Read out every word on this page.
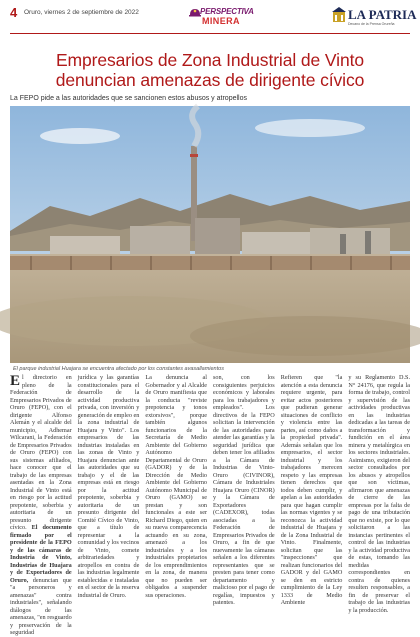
4 Oruro, viernes 2 de septiembre de 2022	PERSPECTIVA
MINERA	LA PATRIA
Decano de la Prensa Orureña
Empresarios de Zona Industrial de Vinto
denuncian amenazas de dirigente cívico
La FEPO pide a las autoridades que se sancionen estos abusos y atropellos
El parque industrial Huajara se encuentra afectado por los constantes avasallamientos
El directorio en pleno de la Federación de Empresarios Privados de Oruro (FEPO), con el dirigente Alfonso Alemán y el alcalde del municipio, Adhemar Wilcarani, la Federación de Empresarios Privados de Oruro (FEPO) con sus sistemas afiliados, hace conocer que el trabajo de las empresas asentadas en la Zona Industrial de Vinto está en riesgo por la actitud prepotente, soberbia y autoritaria de un presunto dirigente cívico. El documento firmado por el presidente de la FEPO y de las cámaras de Industria de Vinto, Industrias de Huajara y de Exportadores de Oruro, denuncian que "a personeros y amenazas" contra industriales", señalando diálogos de las amenazas, "en resguardo y preservación de la seguridad
jurídica y las garantías constitucionales para el desarrollo de la actividad productiva privada, con inversión y generación de empleo en la zona industrial de Huajara y Vinto". Los empresarios de las industrias instaladas en las zonas de Vinto y Huajara denuncian ante las autoridades que su trabajo y el de las empresas está en riesgo por la actitud prepotente, soberbia y autoritaria de un presunto dirigente del Comité Cívico de Vinto, que a título de representar a la comunidad y los vecinos de Vinto, comete arbitrariedades y atropellos en contra de las industrias legalmente establecidas e instaladas en el sector de la reserva industrial de Oruro.
La denuncia al Gobernador y al Alcalde de Oruro manifiesta que la conducta "reviste prepotencia y tonos extorsivos", porque también algunos funcionarios de la Secretaría de Medio Ambiente del Gobierno Autónomo Departamental de Oruro (GADOR) y de la Dirección de Medio Ambiente del Gobierno Autónomo Municipal de Oruro (GAMO) se prestan y son funcionales a este ser Richard Diego, quien en su nueva comparecencia actuando en su zona, amenazó a los industriales y a los industriales propietarios de los emprendimientos en la zona, de manera que no pueden ser obligados a suspender sus operaciones.
son, con los consiguientes perjuicios económicos y laborales para los trabajadores y empleados". Los directivos de la FEPO solicitan la intervención de las autoridades para atender las garantías y la seguridad jurídica que deben tener los afiliados a la Cámara de Industrias de Vinto-Oruro (CIVINOR), Cámara de Industriales Huajara Oruro (CINOR) y la Cámara de Exportadores (CADEXOR), todas asociadas a la Federación de Empresarios Privados de Oruro, a fin de que nuevamente las cámaras señalen a los diferentes representantes que se presten para tener como departamento y malicioso por el pago de regalías, impuestos y patentes.
Refieren que "la atención a esta denuncia requiere urgente, para evitar actos posteriores que pudieran generar situaciones de conflicto y violencia entre las partes, así como daños a la propiedad privada". Además señalan que los empresarios, el sector industrial y los trabajadores merecen respeto y las empresas tienen derechos que todos deben cumplir, y apelan a las autoridades para que hagan cumplir las normas vigentes y se reconozca la actividad industrial de Huajara y de la Zona Industrial de Vinto. Finalmente, solicitan que las "inspecciones" que realizan funcionarios del GADOR y del GAMO se den en estricto cumplimiento de la Ley 1333 de Medio Ambiente
y su Reglamento D.S. N° 24176, que regula la forma de trabajo, control y supervisión de las actividades productivas en las industrias dedicadas a las tareas de transformación y fundición en el área minera y metalúrgica en los sectores industriales. Asimismo, exigieron del sector consultados por los abusos y atropellos que son víctimas, afirmaron que amenazas de cierre de las empresas por la falta de pago de una tributación que no existe, por lo que solicitaron a las instancias pertinentes el control de las industrias y la actividad productiva de estas, tomando las medidas correspondientes en contra de quienes resulten responsables, a fin de preservar el trabajo de las industrias y la producción.
